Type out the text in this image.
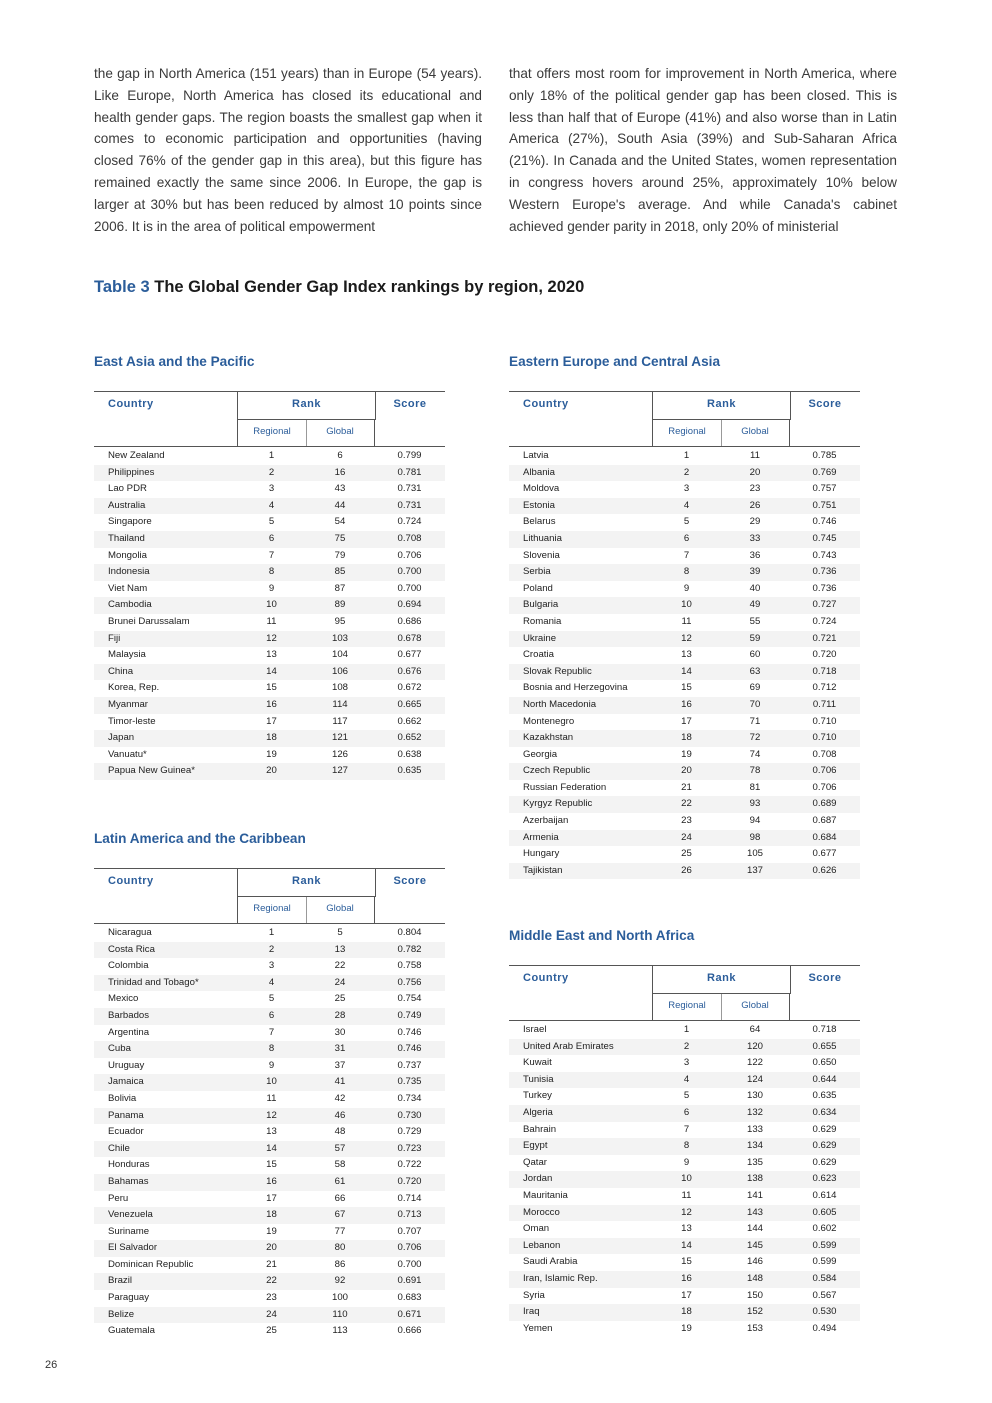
the gap in North America (151 years) than in Europe (54 years). Like Europe, North America has closed its educational and health gender gaps. The region boasts the smallest gap when it comes to economic participation and opportunities (having closed 76% of the gender gap in this area), but this figure has remained exactly the same since 2006. In Europe, the gap is larger at 30% but has been reduced by almost 10 points since 2006. It is in the area of political empowerment

that offers most room for improvement in North America, where only 18% of the political gender gap has been closed. This is less than half that of Europe (41%) and also worse than in Latin America (27%), South Asia (39%) and Sub-Saharan Africa (21%). In Canada and the United States, women representation in congress hovers around 25%, approximately 10% below Western Europe's average. And while Canada's cabinet achieved gender parity in 2018, only 20% of ministerial

Table 3 The Global Gender Gap Index rankings by region, 2020
East Asia and the Pacific
Country	Rank	Score
Regional	Global
New Zealand	1	6	0.799
Philippines	2	16	0.781
Lao PDR	3	43	0.731
Australia	4	44	0.731
Singapore	5	54	0.724
Thailand	6	75	0.708
Mongolia	7	79	0.706
Indonesia	8	85	0.700
Viet Nam	9	87	0.700
Cambodia	10	89	0.694
Brunei Darussalam	11	95	0.686
Fiji	12	103	0.678
Malaysia	13	104	0.677
China	14	106	0.676
Korea, Rep.	15	108	0.672
Myanmar	16	114	0.665
Timor-leste	17	117	0.662
Japan	18	121	0.652
Vanuatu*	19	126	0.638
Papua New Guinea*	20	127	0.635
Eastern Europe and Central Asia
Country	Rank	Score
Regional	Global
Latvia	1	11	0.785
Albania	2	20	0.769
Moldova	3	23	0.757
Estonia	4	26	0.751
Belarus	5	29	0.746
Lithuania	6	33	0.745
Slovenia	7	36	0.743
Serbia	8	39	0.736
Poland	9	40	0.736
Bulgaria	10	49	0.727
Romania	11	55	0.724
Ukraine	12	59	0.721
Croatia	13	60	0.720
Slovak Republic	14	63	0.718
Bosnia and Herzegovina	15	69	0.712
North Macedonia	16	70	0.711
Montenegro	17	71	0.710
Kazakhstan	18	72	0.710
Georgia	19	74	0.708
Czech Republic	20	78	0.706
Russian Federation	21	81	0.706
Kyrgyz Republic	22	93	0.689
Azerbaijan	23	94	0.687
Armenia	24	98	0.684
Hungary	25	105	0.677
Tajikistan	26	137	0.626
Latin America and the Caribbean
Country	Rank	Score
Regional	Global
Nicaragua	1	5	0.804
Costa Rica	2	13	0.782
Colombia	3	22	0.758
Trinidad and Tobago*	4	24	0.756
Mexico	5	25	0.754
Barbados	6	28	0.749
Argentina	7	30	0.746
Cuba	8	31	0.746
Uruguay	9	37	0.737
Jamaica	10	41	0.735
Bolivia	11	42	0.734
Panama	12	46	0.730
Ecuador	13	48	0.729
Chile	14	57	0.723
Honduras	15	58	0.722
Bahamas	16	61	0.720
Peru	17	66	0.714
Venezuela	18	67	0.713
Suriname	19	77	0.707
El Salvador	20	80	0.706
Dominican Republic	21	86	0.700
Brazil	22	92	0.691
Paraguay	23	100	0.683
Belize	24	110	0.671
Guatemala	25	113	0.666
Middle East and North Africa
Country	Rank	Score
Regional	Global
Israel	1	64	0.718
United Arab Emirates	2	120	0.655
Kuwait	3	122	0.650
Tunisia	4	124	0.644
Turkey	5	130	0.635
Algeria	6	132	0.634
Bahrain	7	133	0.629
Egypt	8	134	0.629
Qatar	9	135	0.629
Jordan	10	138	0.623
Mauritania	11	141	0.614
Morocco	12	143	0.605
Oman	13	144	0.602
Lebanon	14	145	0.599
Saudi Arabia	15	146	0.599
Iran, Islamic Rep.	16	148	0.584
Syria	17	150	0.567
Iraq	18	152	0.530
Yemen	19	153	0.494
26
